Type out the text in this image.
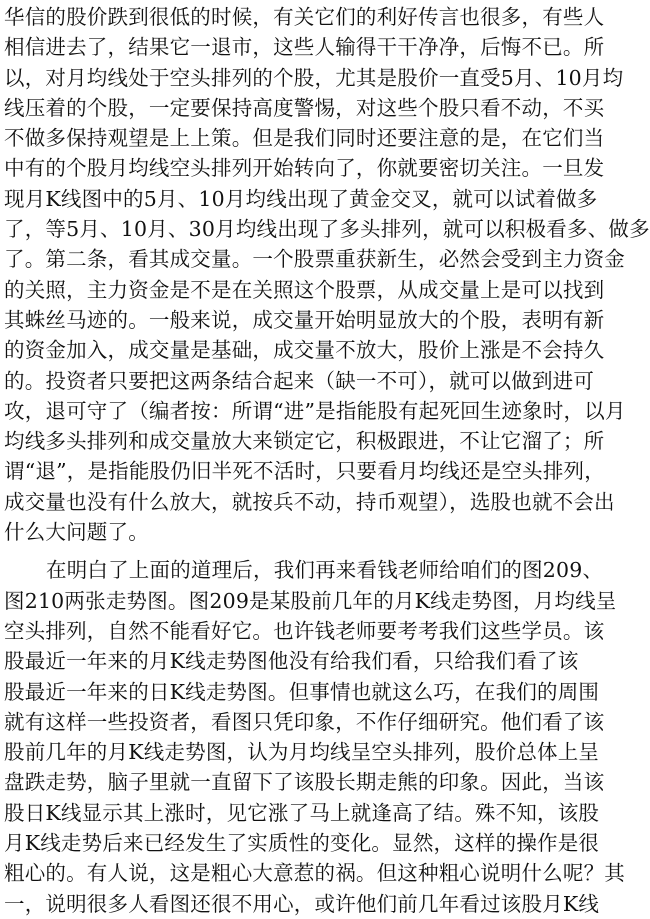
华信的股价跌到很低的时候，有关它们的利好传言也很多，有些人
相信进去了，结果它一退市，这些人输得干干净净，后悔不已。所
以，对月均线处于空头排列的个股，尤其是股价一直受5月、10月均
线压着的个股，一定要保持高度警惕，对这些个股只看不动，不买
不做多保持观望是上上策。但是我们同时还要注意的是，在它们当
中有的个股月均线空头排列开始转向了，你就要密切关注。一旦发
现月K线图中的5月、10月均线出现了黄金交叉，就可以试着做多
了，等5月、10月、30月均线出现了多头排列，就可以积极看多、做多
了。第二条，看其成交量。一个股票重获新生，必然会受到主力资金
的关照，主力资金是不是在关照这个股票，从成交量上是可以找到
其蛛丝马迹的。一般来说，成交量开始明显放大的个股，表明有新
的资金加入，成交量是基础，成交量不放大，股价上涨是不会持久
的。投资者只要把这两条结合起来（缺一不可），就可以做到进可
攻，退可守了（编者按：所谓“进”是指能股有起死回生迹象时，以月
均线多头排列和成交量放大来锁定它，积极跟进，不让它溜了；所
谓“退”，是指能股仍旧半死不活时，只要看月均线还是空头排列，
成交量也没有什么放大，就按兵不动，持币观望），选股也就不会出
什么大问题了。
在明白了上面的道理后，我们再来看钱老师给咱们的图209、
图210两张走势图。图209是某股前几年的月K线走势图，月均线呈
空头排列，自然不能看好它。也许钱老师要考考我们这些学员。该
股最近一年来的月K线走势图他没有给我们看，只给我们看了该
股最近一年来的日K线走势图。但事情也就这么巧，在我们的周围
就有这样一些投资者，看图只凭印象，不作仔细研究。他们看了该
股前几年的月K线走势图，认为月均线呈空头排列，股价总体上呈
盘跌走势，脑子里就一直留下了该股长期走熊的印象。因此，当该
股日K线显示其上涨时，见它涨了马上就逢高了结。殊不知，该股
月K线走势后来已经发生了实质性的变化。显然，这样的操作是很
粗心的。有人说，这是粗心大意惹的祸。但这种粗心说明什么呢？其
一，说明很多人看图还很不用心，或许他们前几年看过该股月K线
